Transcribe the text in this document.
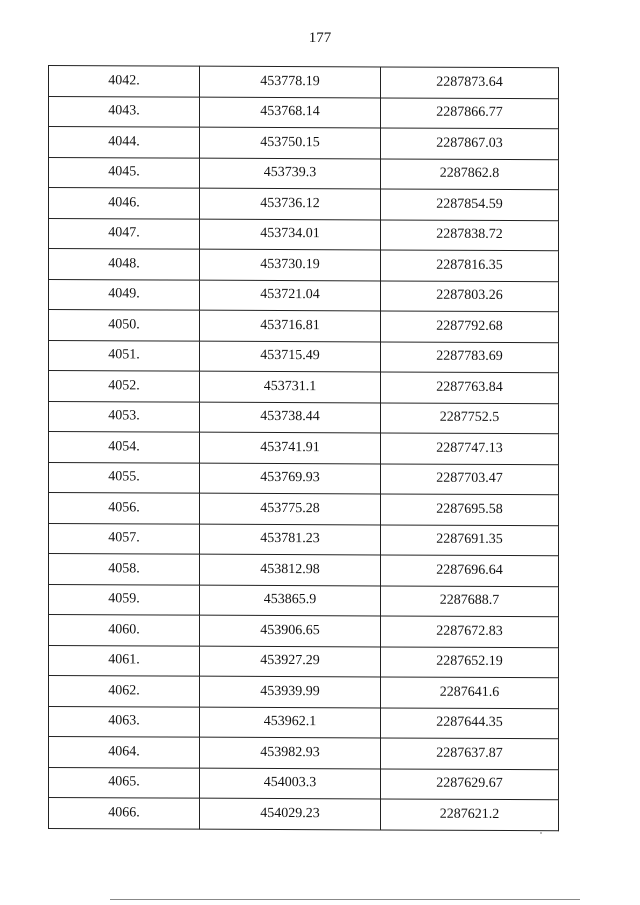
177
4042.	453778.19	2287873.64
4043.	453768.14	2287866.77
4044.	453750.15	2287867.03
4045.	453739.3	2287862.8
4046.	453736.12	2287854.59
4047.	453734.01	2287838.72
4048.	453730.19	2287816.35
4049.	453721.04	2287803.26
4050.	453716.81	2287792.68
4051.	453715.49	2287783.69
4052.	453731.1	2287763.84
4053.	453738.44	2287752.5
4054.	453741.91	2287747.13
4055.	453769.93	2287703.47
4056.	453775.28	2287695.58
4057.	453781.23	2287691.35
4058.	453812.98	2287696.64
4059.	453865.9	2287688.7
4060.	453906.65	2287672.83
4061.	453927.29	2287652.19
4062.	453939.99	2287641.6
4063.	453962.1	2287644.35
4064.	453982.93	2287637.87
4065.	454003.3	2287629.67
4066.	454029.23	2287621.2
